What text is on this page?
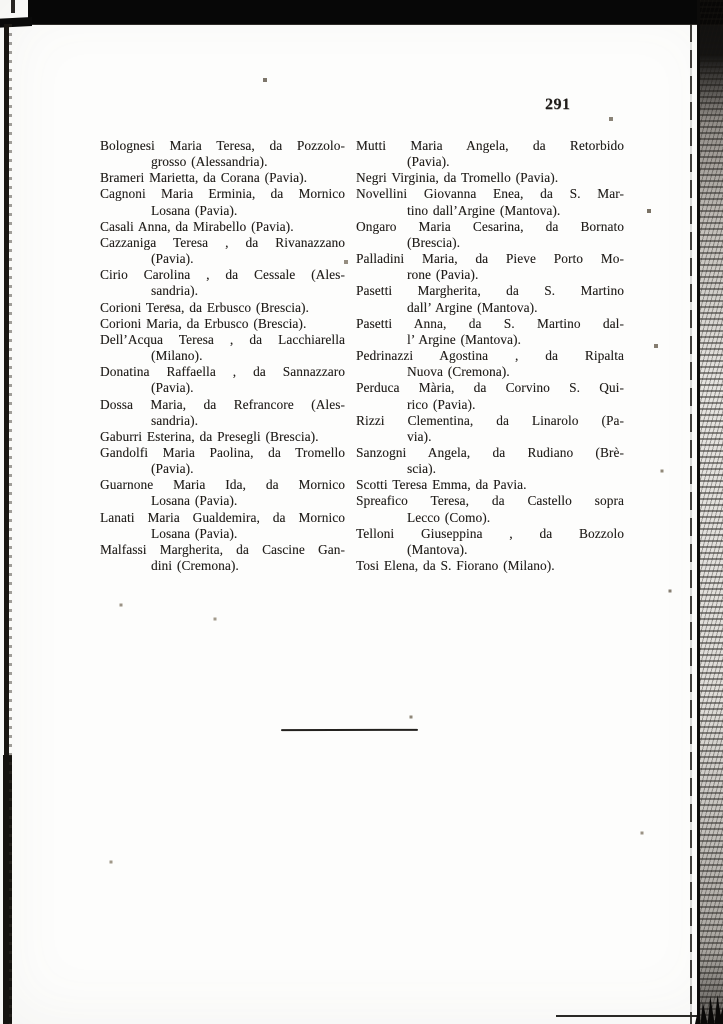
291
Bolognesi Maria Teresa, da Pozzolo-
grosso (Alessandria).
Brameri Marietta, da Corana (Pavia).
Cagnoni Maria Erminia, da Mornico
Losana (Pavia).
Casali Anna, da Mirabello (Pavia).
Cazzaniga Teresa , da Rivanazzano
(Pavia).
Cirio Carolina , da Cessale (Ales-
sandria).
Corioni Teresa, da Erbusco (Brescia).
Corioni Maria, da Erbusco (Brescia).
Dell’Acqua Teresa , da Lacchiarella
(Milano).
Donatina Raffaella , da Sannazzaro
(Pavia).
Dossa Maria, da Refrancore (Ales-
sandria).
Gaburri Esterina, da Presegli (Brescia).
Gandolfi Maria Paolina, da Tromello
(Pavia).
Guarnone Maria Ida, da Mornico
Losana (Pavia).
Lanati Maria Gualdemira, da Mornico
Losana (Pavia).
Malfassi Margherita, da Cascine Gan-
dini (Cremona).
Mutti Maria Angela, da Retorbido
(Pavia).
Negri Virginia, da Tromello (Pavia).
Novellini Giovanna Enea, da S. Mar-
tino dall’Argine (Mantova).
Ongaro Maria Cesarina, da Bornato
(Brescia).
Palladini Maria, da Pieve Porto Mo-
rone (Pavia).
Pasetti Margherita, da S. Martino
dall’ Argine (Mantova).
Pasetti Anna, da S. Martino dal-
l’ Argine (Mantova).
Pedrinazzi Agostina , da Ripalta
Nuova (Cremona).
Perduca Mària, da Corvino S. Qui-
rico (Pavia).
Rizzi Clementina, da Linarolo (Pa-
via).
Sanzogni Angela, da Rudiano (Brè-
scia).
Scotti Teresa Emma, da Pavia.
Spreafico Teresa, da Castello sopra
Lecco (Como).
Telloni Giuseppina , da Bozzolo
(Mantova).
Tosi Elena, da S. Fiorano (Milano).
